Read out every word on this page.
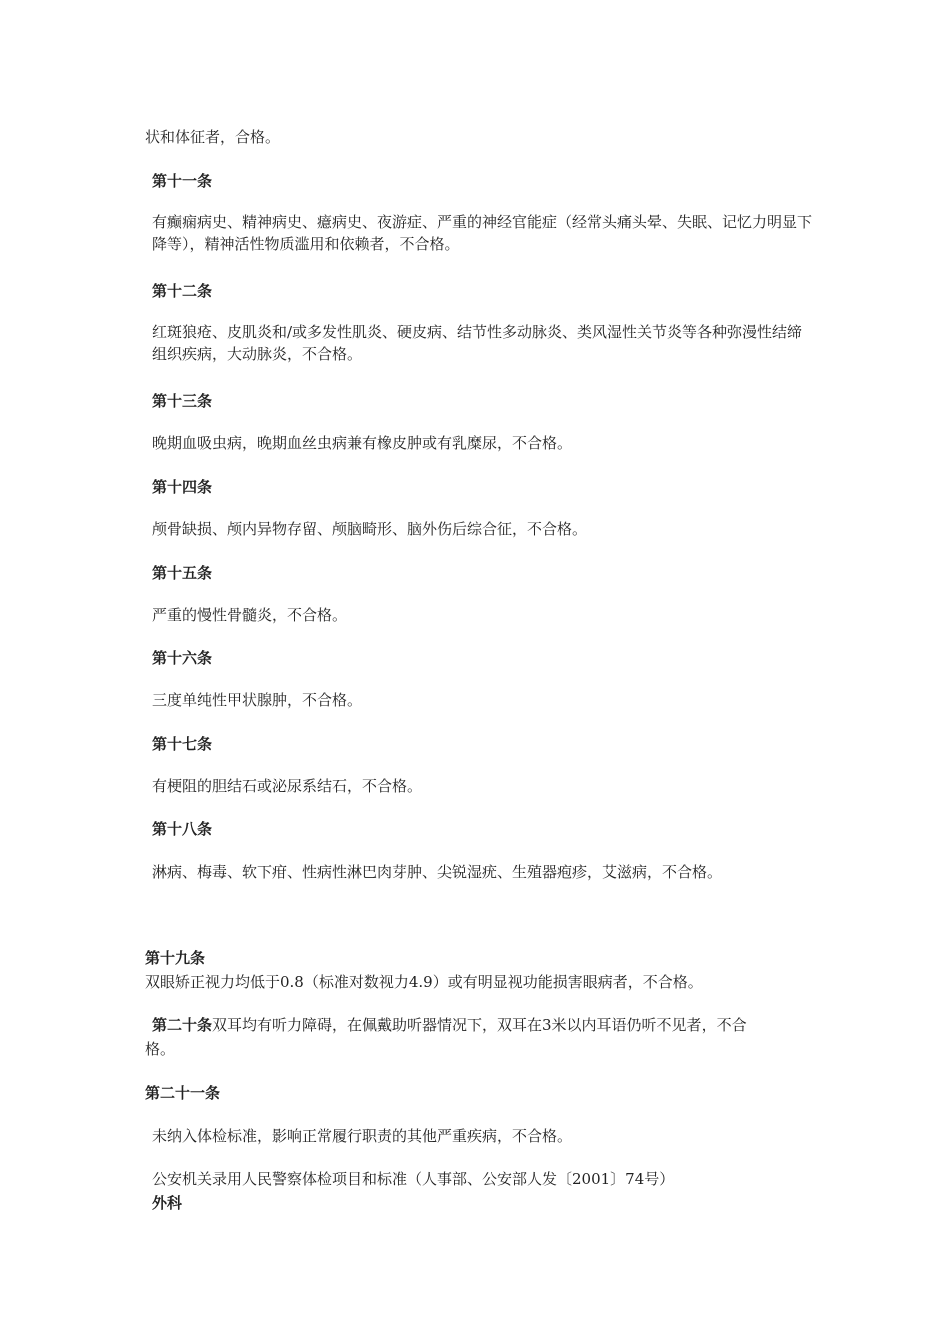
状和体征者，合格。
第十一条
有癫痫病史、精神病史、癔病史、夜游症、严重的神经官能症（经常头痛头晕、失眠、记忆力明显下降等），精神活性物质滥用和依赖者，不合格。
第十二条
红斑狼疮、皮肌炎和/或多发性肌炎、硬皮病、结节性多动脉炎、类风湿性关节炎等各种弥漫性结缔组织疾病，大动脉炎，不合格。
第十三条
晚期血吸虫病，晚期血丝虫病兼有橡皮肿或有乳糜尿，不合格。
第十四条
颅骨缺损、颅内异物存留、颅脑畸形、脑外伤后综合征，不合格。
第十五条
严重的慢性骨髓炎，不合格。
第十六条
三度单纯性甲状腺肿，不合格。
第十七条
有梗阻的胆结石或泌尿系结石，不合格。
第十八条
淋病、梅毒、软下疳、性病性淋巴肉芽肿、尖锐湿疣、生殖器疱疹，艾滋病，不合格。
第十九条
双眼矫正视力均低于0.8（标准对数视力4.9）或有明显视功能损害眼病者，不合格。
第二十条双耳均有听力障碍，在佩戴助听器情况下，双耳在3米以内耳语仍听不见者，不合
格。
第二十一条
未纳入体检标准，影响正常履行职责的其他严重疾病，不合格。
公安机关录用人民警察体检项目和标准（人事部、公安部人发〔2001〕74号）
外科
